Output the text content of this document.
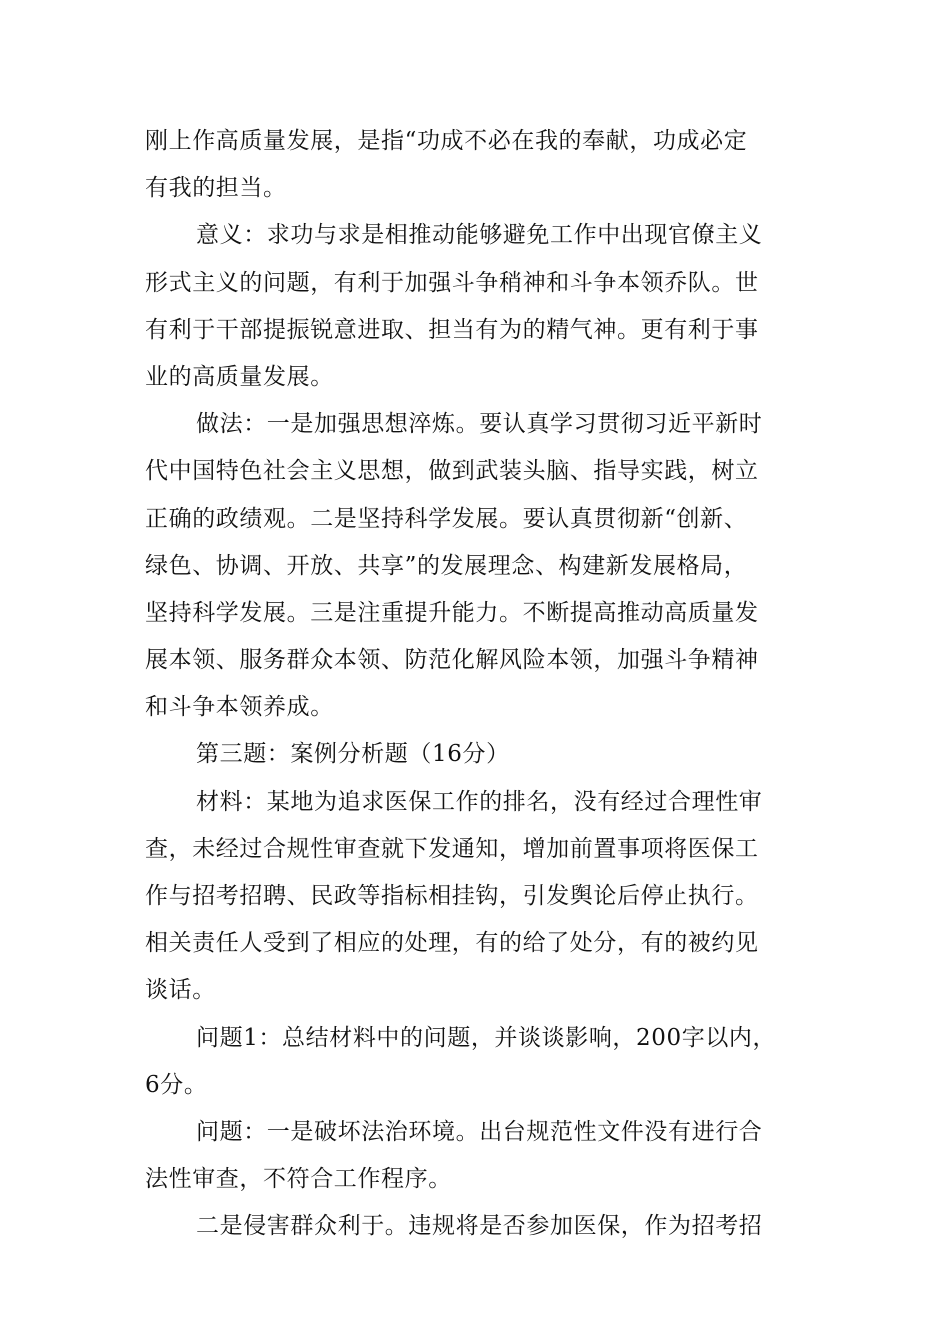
刚上作高质量发展，是指“功成不必在我的奉献，功成必定
有我的担当。
意义：求功与求是相推动能够避免工作中出现官僚主义
形式主义的问题，有利于加强斗争稍神和斗争本领乔队。世
有利于干部提振锐意进取、担当有为的精气神。更有利于事
业的高质量发展。
做法：一是加强思想淬炼。要认真学习贯彻习近平新时
代中国特色社会主义思想，做到武装头脑、指导实践，树立
正确的政绩观。二是坚持科学发展。要认真贯彻新“创新、
绿色、协调、开放、共享”的发展理念、构建新发展格局，
坚持科学发展。三是注重提升能力。不断提高推动高质量发
展本领、服务群众本领、防范化解风险本领，加强斗争精神
和斗争本领养成。
第三题：案例分析题（16分）
材料：某地为追求医保工作的排名，没有经过合理性审
查，未经过合规性审查就下发通知，增加前置事项将医保工
作与招考招聘、民政等指标相挂钩，引发舆论后停止执行。
相关责任人受到了相应的处理，有的给了处分，有的被约见
谈话。
问题1：总结材料中的问题，并谈谈影响，200字以内，
6分。
问题：一是破坏法治环境。出台规范性文件没有进行合
法性审查，不符合工作程序。
二是侵害群众利于。违规将是否参加医保，作为招考招
